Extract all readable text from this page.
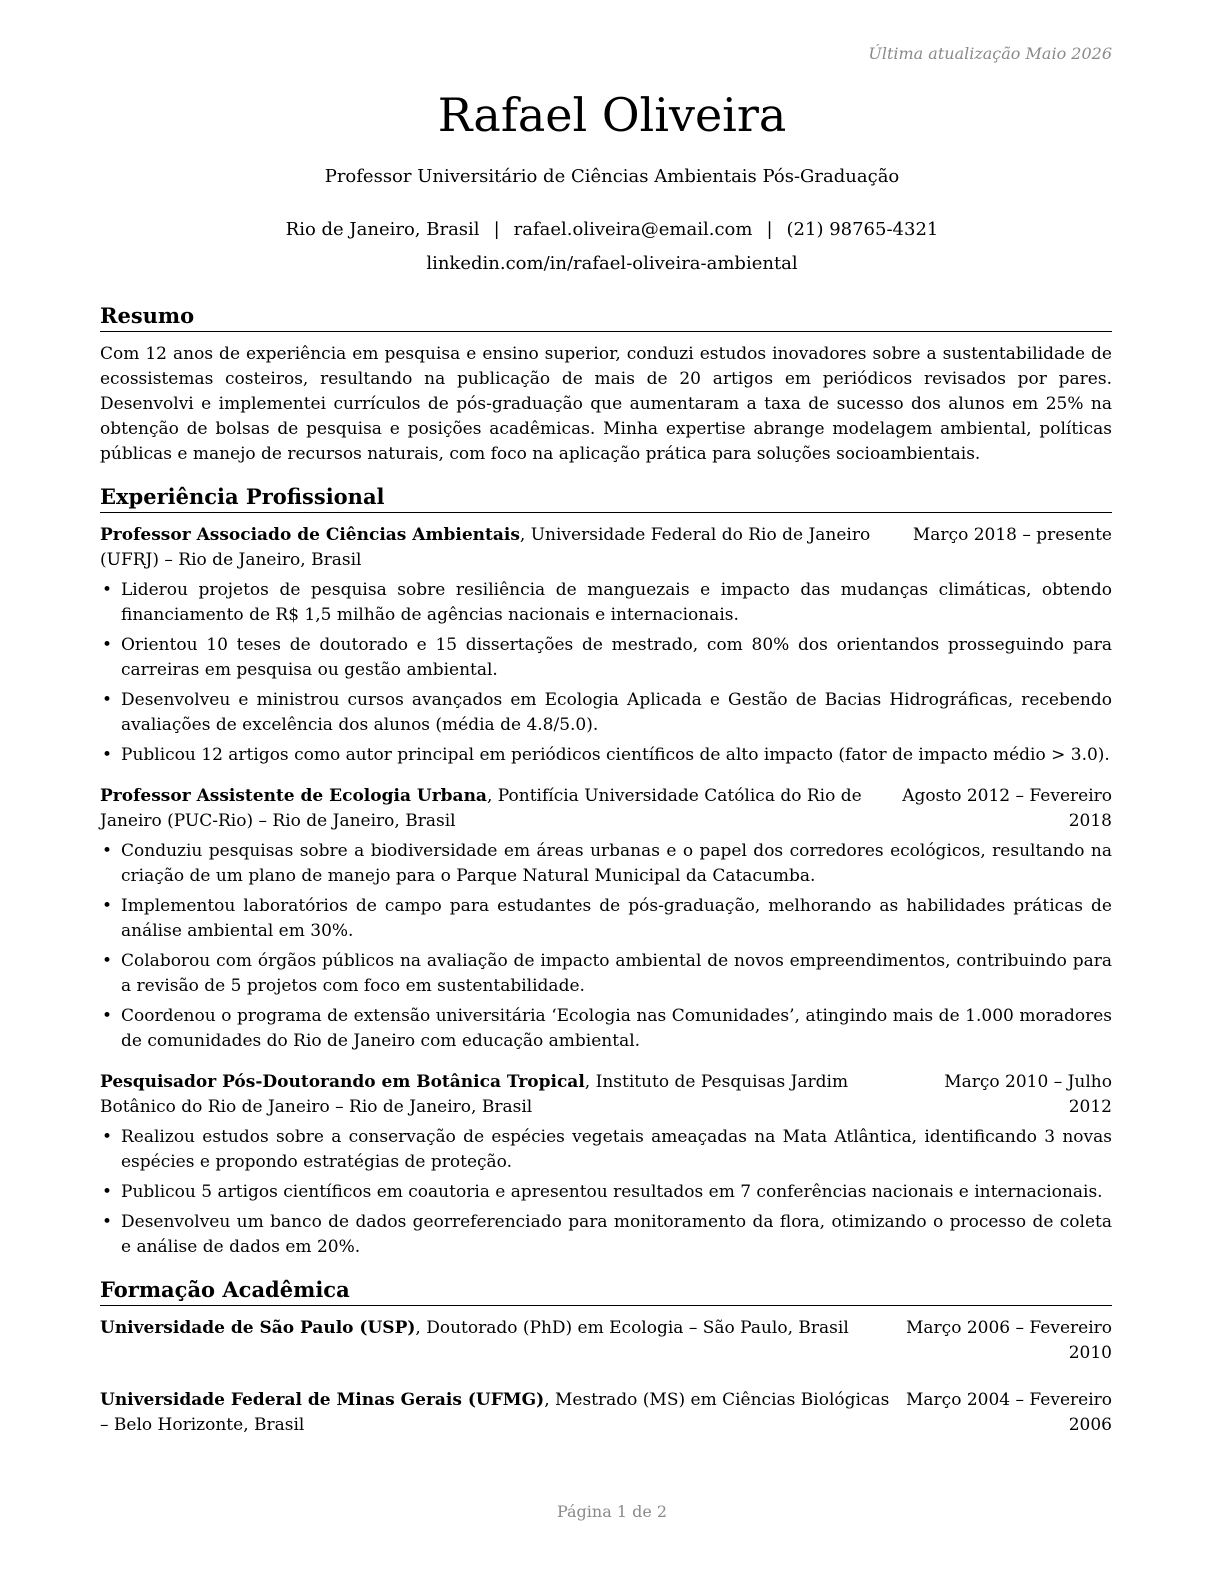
Última atualização Maio 2026
Rafael Oliveira
Professor Universitário de Ciências Ambientais Pós-Graduação
Rio de Janeiro, Brasil | rafael.oliveira@email.com | (21) 98765-4321
linkedin.com/in/rafael-oliveira-ambiental
Resumo

Com 12 anos de experiência em pesquisa e ensino superior, conduzi estudos inovadores sobre a sustentabilidade de ecossistemas costeiros, resultando na publicação de mais de 20 artigos em periódicos revisados por pares. Desenvolvi e implementei currículos de pós-graduação que aumentaram a taxa de sucesso dos alunos em 25% na obtenção de bolsas de pesquisa e posições acadêmicas. Minha expertise abrange modelagem ambiental, políticas públicas e manejo de recursos naturais, com foco na aplicação prática para soluções socioambientais.

Experiência Profissional
Professor Associado de Ciências Ambientais, Universidade Federal do Rio de Janeiro (UFRJ) – Rio de Janeiro, Brasil
Março 2018 – presente
• Liderou projetos de pesquisa sobre resiliência de manguezais e impacto das mudanças climáticas, obtendo financiamento de R$ 1,5 milhão de agências nacionais e internacionais.
• Orientou 10 teses de doutorado e 15 dissertações de mestrado, com 80% dos orientandos prosseguindo para carreiras em pesquisa ou gestão ambiental.
• Desenvolveu e ministrou cursos avançados em Ecologia Aplicada e Gestão de Bacias Hidrográficas, recebendo avaliações de excelência dos alunos (média de 4.8/5.0).
• Publicou 12 artigos como autor principal em periódicos científicos de alto impacto (fator de impacto médio > 3.0).
Professor Assistente de Ecologia Urbana, Pontifícia Universidade Católica do Rio de Janeiro (PUC-Rio) – Rio de Janeiro, Brasil
Agosto 2012 – Fevereiro 2018
• Conduziu pesquisas sobre a biodiversidade em áreas urbanas e o papel dos corredores ecológicos, resultando na criação de um plano de manejo para o Parque Natural Municipal da Catacumba.
• Implementou laboratórios de campo para estudantes de pós-graduação, melhorando as habilidades práticas de análise ambiental em 30%.
• Colaborou com órgãos públicos na avaliação de impacto ambiental de novos empreendimentos, contribuindo para a revisão de 5 projetos com foco em sustentabilidade.
• Coordenou o programa de extensão universitária ‘Ecologia nas Comunidades’, atingindo mais de 1.000 moradores de comunidades do Rio de Janeiro com educação ambiental.
Pesquisador Pós-Doutorando em Botânica Tropical, Instituto de Pesquisas Jardim Botânico do Rio de Janeiro – Rio de Janeiro, Brasil
Março 2010 – Julho 2012
• Realizou estudos sobre a conservação de espécies vegetais ameaçadas na Mata Atlântica, identificando 3 novas espécies e propondo estratégias de proteção.
• Publicou 5 artigos científicos em coautoria e apresentou resultados em 7 conferências nacionais e internacionais.
• Desenvolveu um banco de dados georreferenciado para monitoramento da flora, otimizando o processo de coleta e análise de dados em 20%.
Formação Acadêmica
Universidade de São Paulo (USP), Doutorado (PhD) em Ecologia – São Paulo, Brasil	Março 2006 – Fevereiro 2010
Universidade Federal de Minas Gerais (UFMG), Mestrado (MS) em Ciências Biológicas – Belo Horizonte, Brasil
Março 2004 – Fevereiro 2006
Página 1 de 2
